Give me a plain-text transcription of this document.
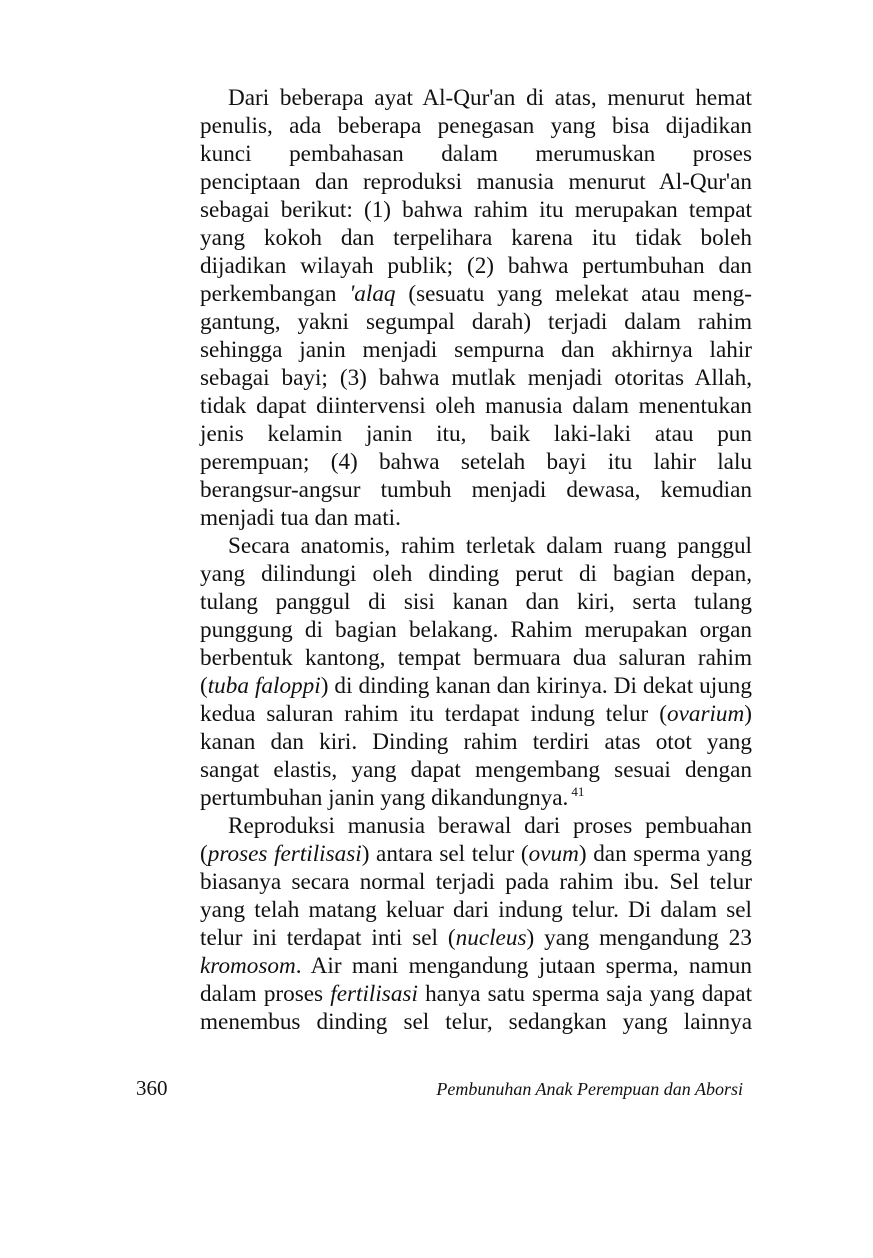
Dari beberapa ayat Al-Qur'an di atas, menurut hemat
penulis, ada beberapa penegasan yang bisa dijadikan
kunci pembahasan dalam merumuskan proses
penciptaan dan reproduksi manusia menurut Al-Qur'an
sebagai berikut: (1) bahwa rahim itu merupakan tempat
yang kokoh dan terpelihara karena itu tidak boleh
dijadikan wilayah publik; (2) bahwa pertumbuhan dan
perkembangan 'alaq (sesuatu yang melekat atau meng-
gantung, yakni segumpal darah) terjadi dalam rahim
sehingga janin menjadi sempurna dan akhirnya lahir
sebagai bayi; (3) bahwa mutlak menjadi otoritas Allah,
tidak dapat diintervensi oleh manusia dalam menentukan
jenis kelamin janin itu, baik laki-laki atau pun
perempuan; (4) bahwa setelah bayi itu lahir lalu
berangsur-angsur tumbuh menjadi dewasa, kemudian
menjadi tua dan mati.
Secara anatomis, rahim terletak dalam ruang panggul
yang dilindungi oleh dinding perut di bagian depan,
tulang panggul di sisi kanan dan kiri, serta tulang
punggung di bagian belakang. Rahim merupakan organ
berbentuk kantong, tempat bermuara dua saluran rahim
(tuba faloppi) di dinding kanan dan kirinya. Di dekat ujung
kedua saluran rahim itu terdapat indung telur (ovarium)
kanan dan kiri. Dinding rahim terdiri atas otot yang
sangat elastis, yang dapat mengembang sesuai dengan
pertumbuhan janin yang dikandungnya. $^{41}$
Reproduksi manusia berawal dari proses pembuahan
(proses fertilisasi) antara sel telur (ovum) dan sperma yang
biasanya secara normal terjadi pada rahim ibu. Sel telur
yang telah matang keluar dari indung telur. Di dalam sel
telur ini terdapat inti sel (nucleus) yang mengandung 23
kromosom. Air mani mengandung jutaan sperma, namun
dalam proses fertilisasi hanya satu sperma saja yang dapat
menembus dinding sel telur, sedangkan yang lainnya
360	Pembunuhan Anak Perempuan dan Aborsi
